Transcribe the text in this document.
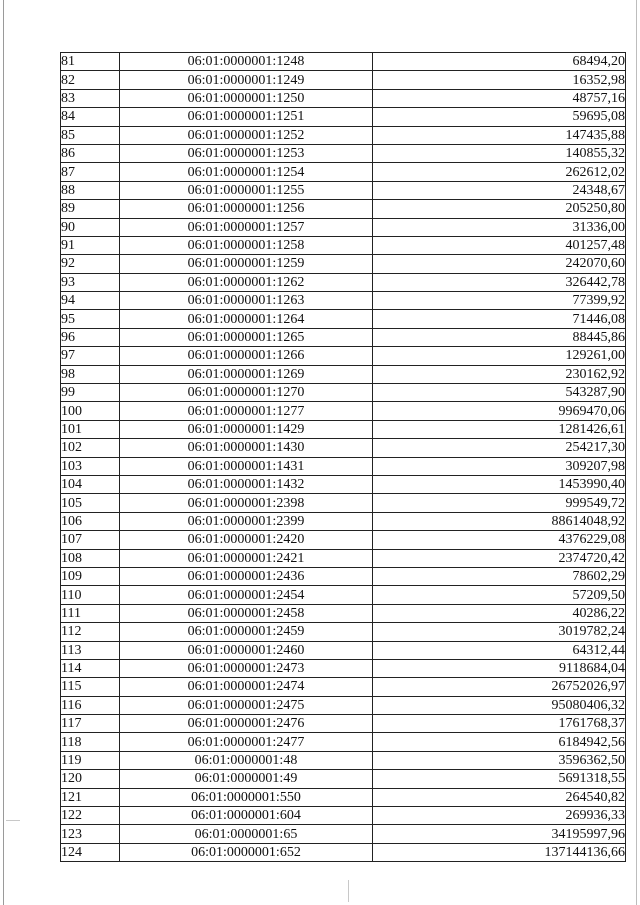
81	06:01:0000001:1248	68494,20
82	06:01:0000001:1249	16352,98
83	06:01:0000001:1250	48757,16
84	06:01:0000001:1251	59695,08
85	06:01:0000001:1252	147435,88
86	06:01:0000001:1253	140855,32
87	06:01:0000001:1254	262612,02
88	06:01:0000001:1255	24348,67
89	06:01:0000001:1256	205250,80
90	06:01:0000001:1257	31336,00
91	06:01:0000001:1258	401257,48
92	06:01:0000001:1259	242070,60
93	06:01:0000001:1262	326442,78
94	06:01:0000001:1263	77399,92
95	06:01:0000001:1264	71446,08
96	06:01:0000001:1265	88445,86
97	06:01:0000001:1266	129261,00
98	06:01:0000001:1269	230162,92
99	06:01:0000001:1270	543287,90
100	06:01:0000001:1277	9969470,06
101	06:01:0000001:1429	1281426,61
102	06:01:0000001:1430	254217,30
103	06:01:0000001:1431	309207,98
104	06:01:0000001:1432	1453990,40
105	06:01:0000001:2398	999549,72
106	06:01:0000001:2399	88614048,92
107	06:01:0000001:2420	4376229,08
108	06:01:0000001:2421	2374720,42
109	06:01:0000001:2436	78602,29
110	06:01:0000001:2454	57209,50
111	06:01:0000001:2458	40286,22
112	06:01:0000001:2459	3019782,24
113	06:01:0000001:2460	64312,44
114	06:01:0000001:2473	9118684,04
115	06:01:0000001:2474	26752026,97
116	06:01:0000001:2475	95080406,32
117	06:01:0000001:2476	1761768,37
118	06:01:0000001:2477	6184942,56
119	06:01:0000001:48	3596362,50
120	06:01:0000001:49	5691318,55
121	06:01:0000001:550	264540,82
122	06:01:0000001:604	269936,33
123	06:01:0000001:65	34195997,96
124	06:01:0000001:652	137144136,66
